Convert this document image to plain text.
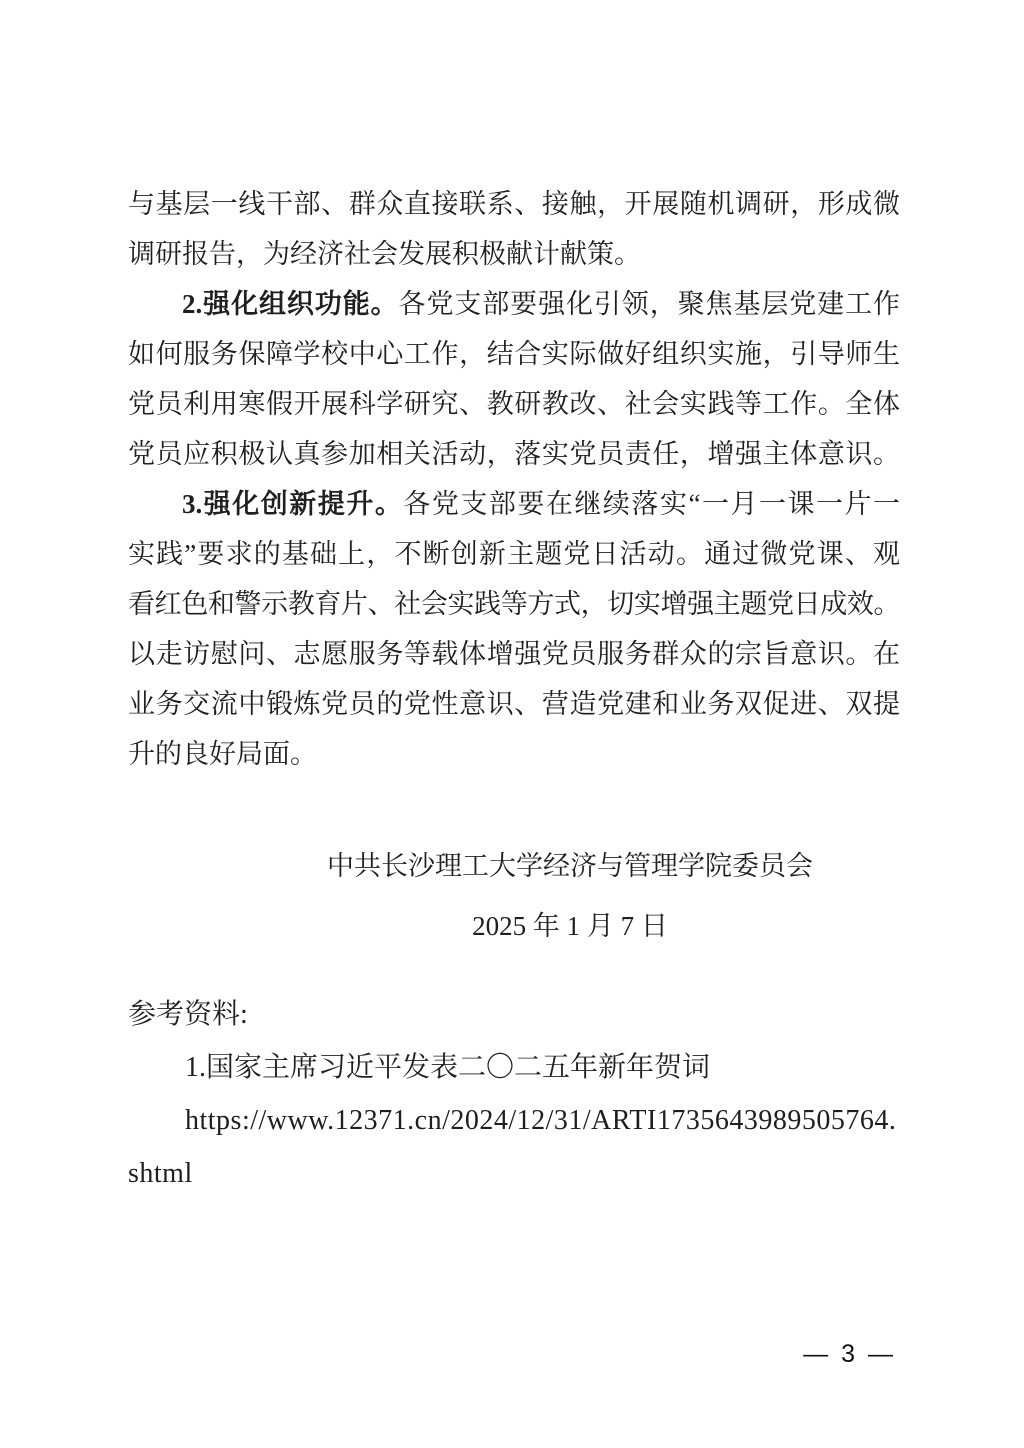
与基层一线干部、群众直接联系、接触，开展随机调研，形成微
调研报告，为经济社会发展积极献计献策。
2.强化组织功能。各党支部要强化引领，聚焦基层党建工作
如何服务保障学校中心工作，结合实际做好组织实施，引导师生
党员利用寒假开展科学研究、教研教改、社会实践等工作。全体
党员应积极认真参加相关活动，落实党员责任，增强主体意识。
3.强化创新提升。各党支部要在继续落实“一月一课一片一
实践”要求的基础上，不断创新主题党日活动。通过微党课、观
看红色和警示教育片、社会实践等方式，切实增强主题党日成效。
以走访慰问、志愿服务等载体增强党员服务群众的宗旨意识。在
业务交流中锻炼党员的党性意识、营造党建和业务双促进、双提
升的良好局面。
中共长沙理工大学经济与管理学院委员会
2025 年 1 月 7 日
参考资料:
1.国家主席习近平发表二〇二五年新年贺词
https://www.12371.cn/2024/12/31/ARTI1735643989505764.
shtml
— 3 —
